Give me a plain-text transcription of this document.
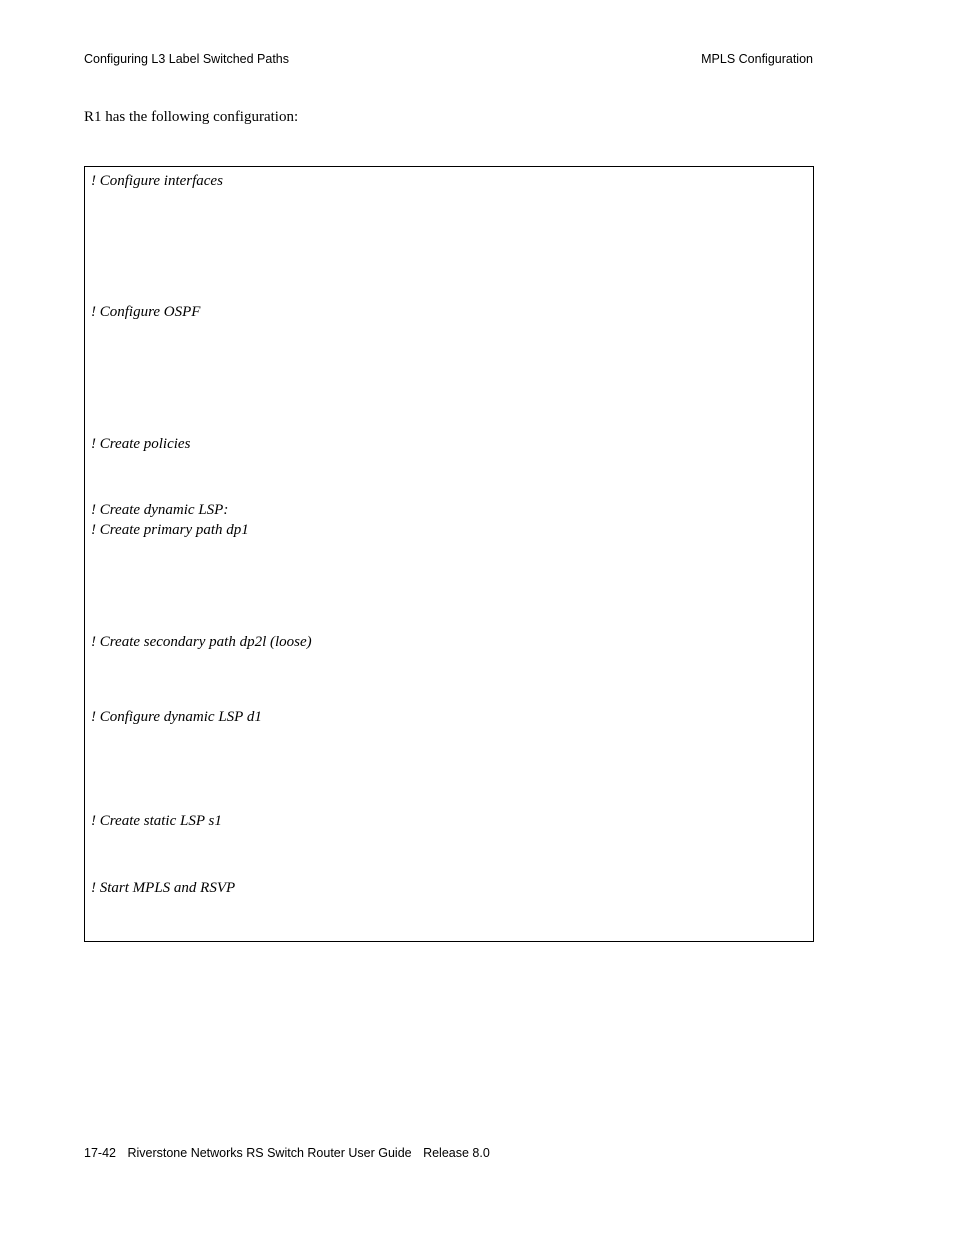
Configuring L3 Label Switched Paths	MPLS Configuration
R1 has the following configuration:
! Configure interfaces
! Configure OSPF
! Create policies
! Create dynamic LSP:
! Create primary path dp1
! Create secondary path dp2l (loose)
! Configure dynamic LSP d1
! Create static LSP s1
! Start MPLS and RSVP
17-42 Riverstone Networks RS Switch Router User Guide Release 8.0
